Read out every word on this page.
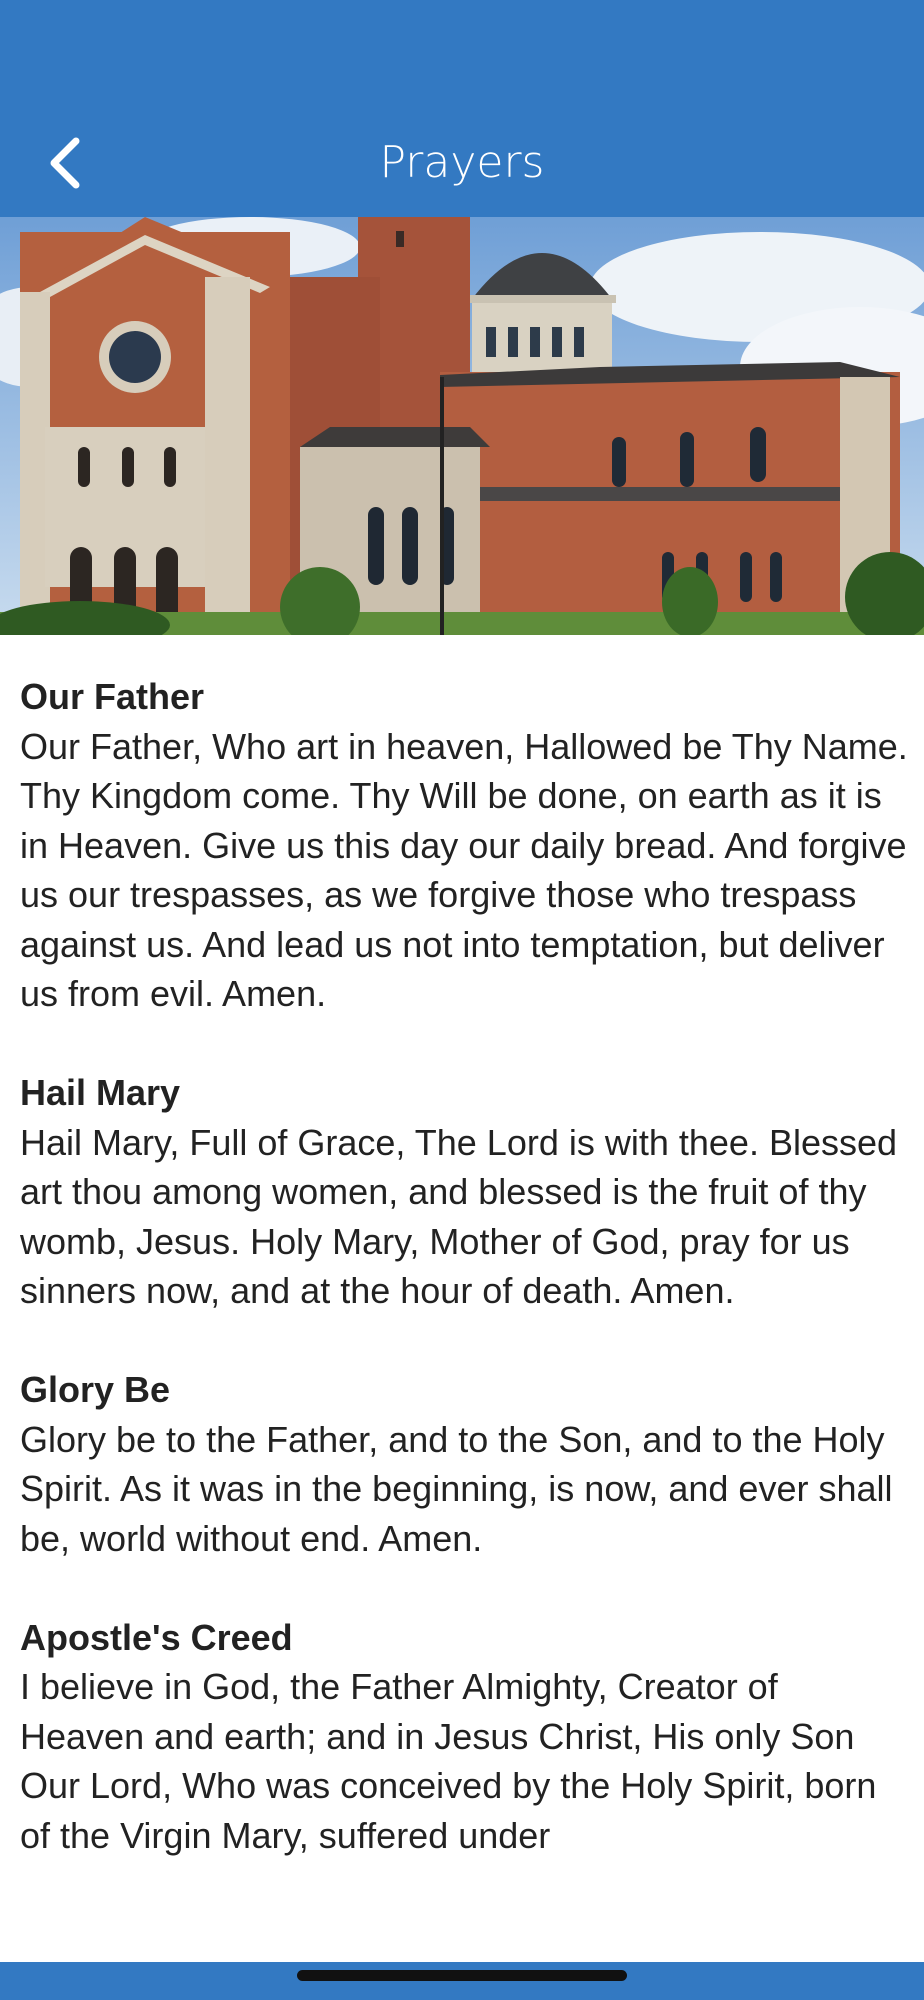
Prayers

Our Father

Our Father, Who art in heaven, Hallowed be Thy Name. Thy Kingdom come. Thy Will be done, on earth as it is in Heaven. Give us this day our daily bread. And forgive us our trespasses, as we forgive those who trespass against us. And lead us not into temptation, but deliver us from evil. Amen.

Hail Mary

Hail Mary, Full of Grace, The Lord is with thee. Blessed art thou among women, and blessed is the fruit of thy womb, Jesus. Holy Mary, Mother of God, pray for us sinners now, and at the hour of death. Amen.

Glory Be

Glory be to the Father, and to the Son, and to the Holy Spirit. As it was in the beginning, is now, and ever shall be, world without end. Amen.

Apostle's Creed

I believe in God, the Father Almighty, Creator of Heaven and earth; and in Jesus Christ, His only Son Our Lord, Who was conceived by the Holy Spirit, born of the Virgin Mary, suffered under
